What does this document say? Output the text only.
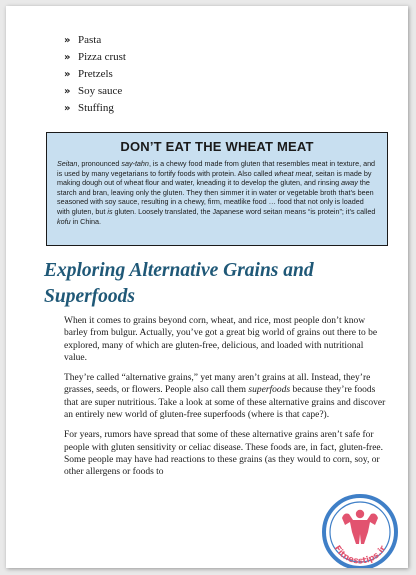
» Pasta
» Pizza crust
» Pretzels
» Soy sauce
» Stuffing
DON’T EAT THE WHEAT MEAT

Seitan, pronounced say-tahn, is a chewy food made from gluten that resembles meat in texture, and is used by many vegetarians to fortify foods with protein. Also called wheat meat, seitan is made by making dough out of wheat flour and water, kneading it to develop the gluten, and rinsing away the starch and bran, leaving only the gluten. They then simmer it in water or vegetable broth that’s been seasoned with soy sauce, resulting in a chewy, firm, meatlike food … food that not only is loaded with gluten, but is gluten. Loosely translated, the Japanese word seitan means “is protein”; it’s called kofu in China.

Exploring Alternative Grains and Superfoods

When it comes to grains beyond corn, wheat, and rice, most people don’t know barley from bulgur. Actually, you’ve got a great big world of grains out there to be explored, many of which are gluten-free, delicious, and loaded with nutritional value.

They’re called “alternative grains,” yet many aren’t grains at all. Instead, they’re grasses, seeds, or flowers. People also call them superfoods because they’re foods that are super nutritious. Take a look at some of these alternative grains and discover an entirely new world of gluten-free superfoods (where is that cape?).

For years, rumors have spread that some of these alternative grains aren’t safe for people with gluten sensitivity or celiac disease. These foods are, in fact, gluten-free. Some people may have had reactions to these grains (as they would to corn, soy, or other allergens or foods to

Fitnesstips.ir
